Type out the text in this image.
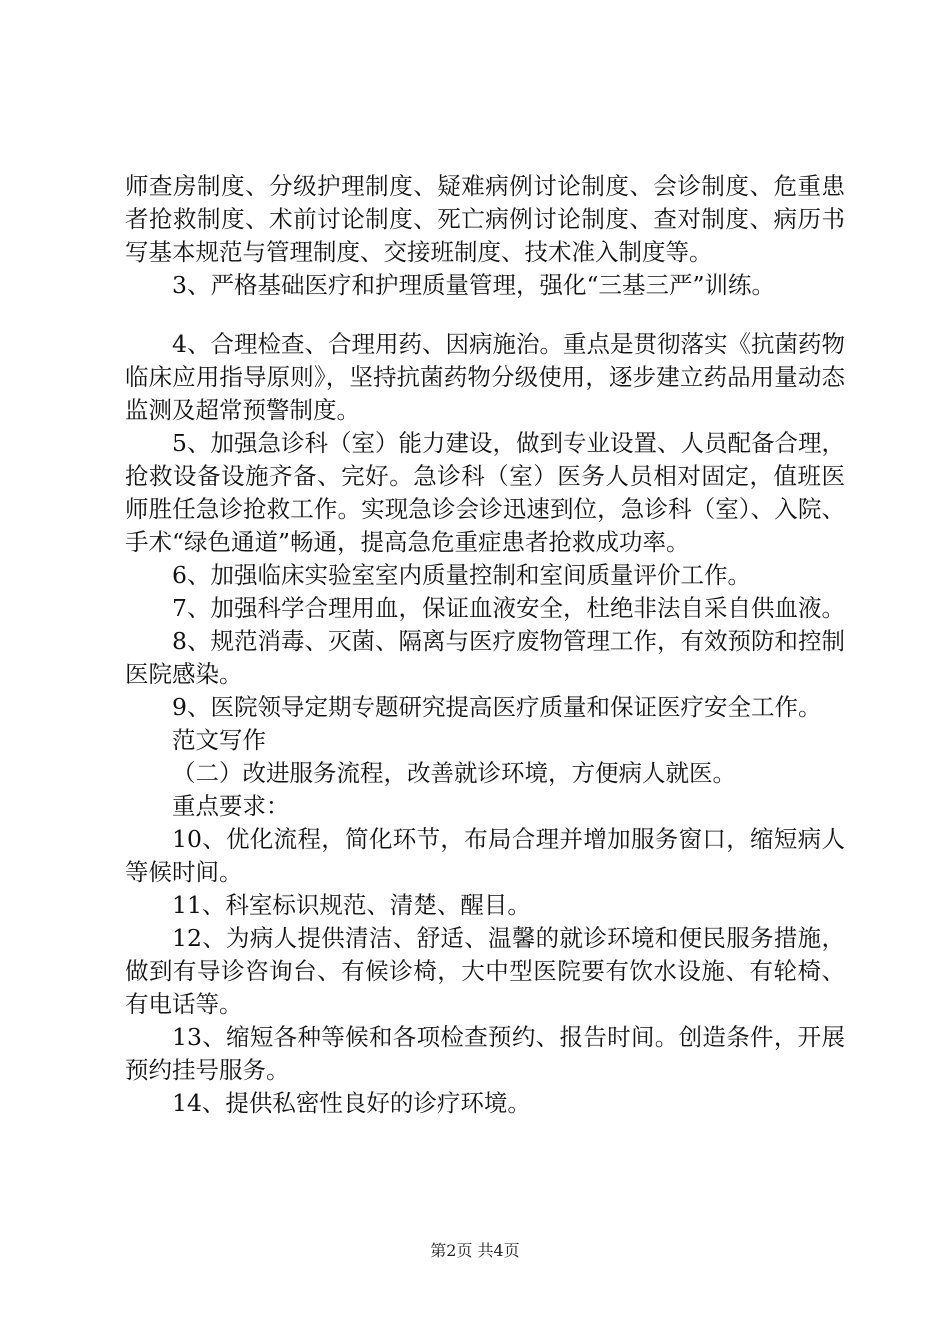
师查房制度、分级护理制度、疑难病例讨论制度、会诊制度、危重患者抢救制度、术前讨论制度、死亡病例讨论制度、查对制度、病历书写基本规范与管理制度、交接班制度、技术准入制度等。

3、严格基础医疗和护理质量管理，强化“三基三严”训练。

4、合理检查、合理用药、因病施治。重点是贯彻落实《抗菌药物临床应用指导原则》，坚持抗菌药物分级使用，逐步建立药品用量动态监测及超常预警制度。

5、加强急诊科（室）能力建设，做到专业设置、人员配备合理，抢救设备设施齐备、完好。急诊科（室）医务人员相对固定，值班医师胜任急诊抢救工作。实现急诊会诊迅速到位，急诊科（室）、入院、手术“绿色通道”畅通，提高急危重症患者抢救成功率。

6、加强临床实验室室内质量控制和室间质量评价工作。

7、加强科学合理用血，保证血液安全，杜绝非法自采自供血液。

8、规范消毒、灭菌、隔离与医疗废物管理工作，有效预防和控制医院感染。

9、医院领导定期专题研究提高医疗质量和保证医疗安全工作。

范文写作

（二）改进服务流程，改善就诊环境，方便病人就医。

重点要求：

10、优化流程，简化环节，布局合理并增加服务窗口，缩短病人等候时间。

11、科室标识规范、清楚、醒目。

12、为病人提供清洁、舒适、温馨的就诊环境和便民服务措施，做到有导诊咨询台、有候诊椅，大中型医院要有饮水设施、有轮椅、有电话等。

13、缩短各种等候和各项检查预约、报告时间。创造条件，开展预约挂号服务。

14、提供私密性良好的诊疗环境。

第2页 共4页
